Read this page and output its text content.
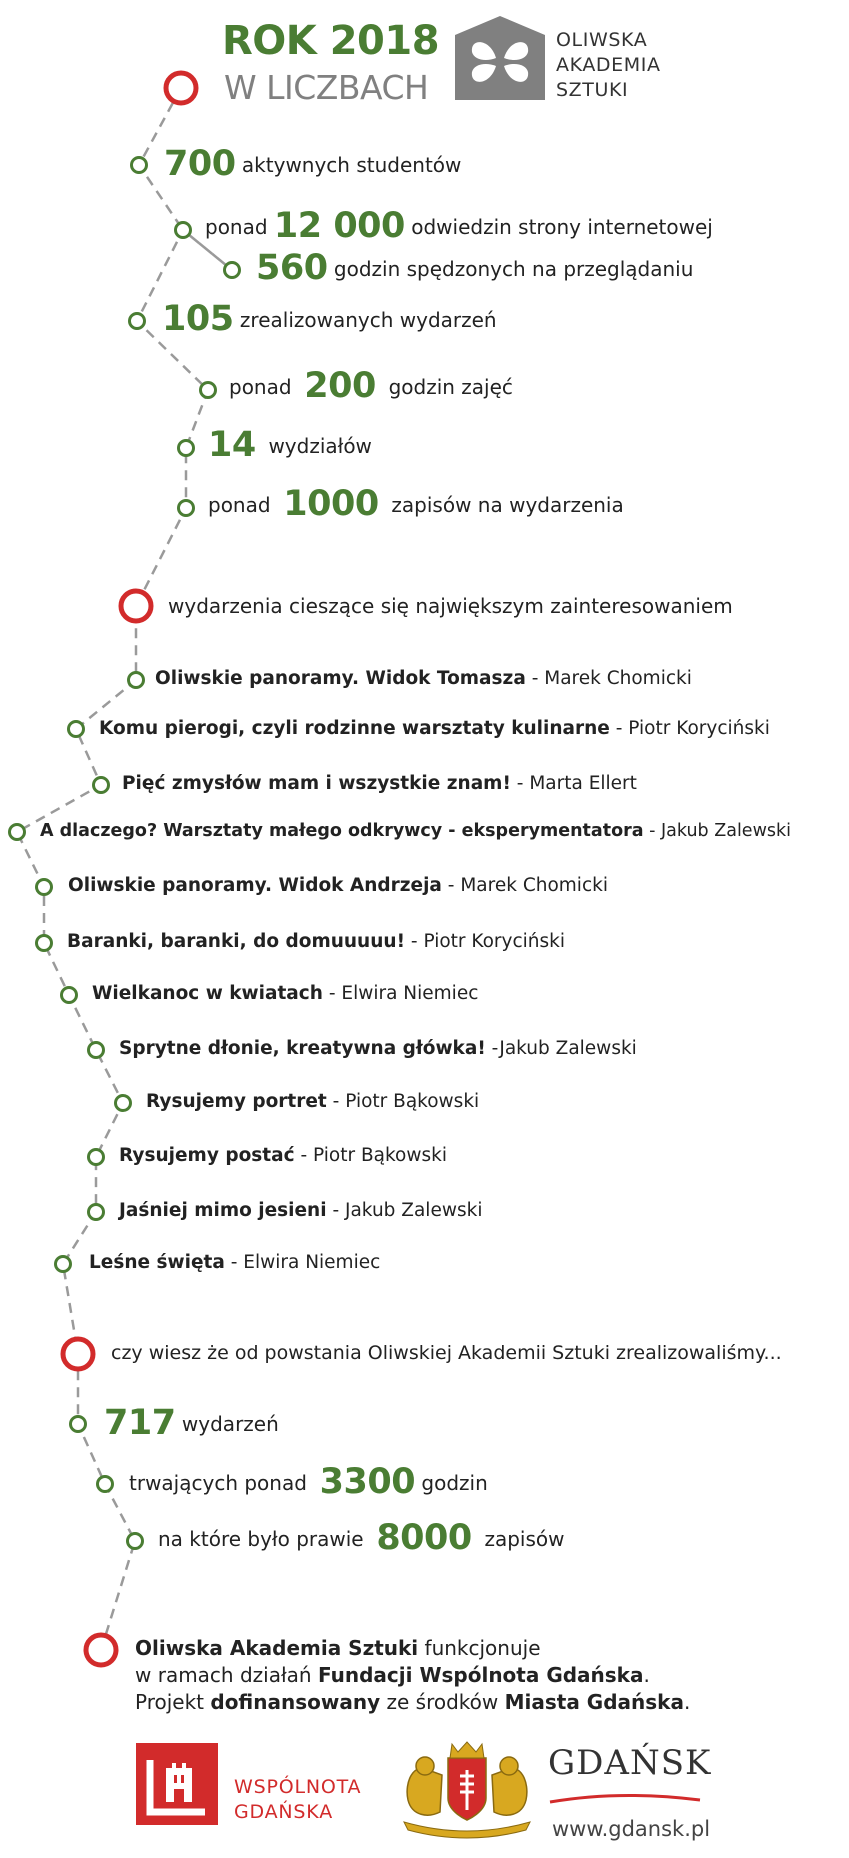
ROK 2018
W LICZBACH
OLIWSKA
AKADEMIA
SZTUKI
700 aktywnych studentów
ponad 12 000 odwiedzin strony internetowej
560 godzin spędzonych na przeglądaniu
105 zrealizowanych wydarzeń
ponad 200 godzin zajęć
14 wydziałów
ponad 1000 zapisów na wydarzenia
wydarzenia cieszące się największym zainteresowaniem
Oliwskie panoramy. Widok Tomasza - Marek Chomicki
Komu pierogi, czyli rodzinne warsztaty kulinarne - Piotr Koryciński
Pięć zmysłów mam i wszystkie znam! - Marta Ellert
A dlaczego? Warsztaty małego odkrywcy - eksperymentatora - Jakub Zalewski
Oliwskie panoramy. Widok Andrzeja - Marek Chomicki
Baranki, baranki, do domuuuuu! - Piotr Koryciński
Wielkanoc w kwiatach - Elwira Niemiec
Sprytne dłonie, kreatywna główka! -Jakub Zalewski
Rysujemy portret - Piotr Bąkowski
Rysujemy postać - Piotr Bąkowski
Jaśniej mimo jesieni - Jakub Zalewski
Leśne święta - Elwira Niemiec
czy wiesz że od powstania Oliwskiej Akademii Sztuki zrealizowaliśmy...
717 wydarzeń
trwających ponad 3300 godzin
na które było prawie 8000 zapisów
Oliwska Akademia Sztuki funkcjonuje
w ramach działań Fundacji Wspólnota Gdańska.
Projekt dofinansowany ze środków Miasta Gdańska.
WSPÓLNOTA
GDAŃSKA
GDAŃSK
www.gdansk.pl
